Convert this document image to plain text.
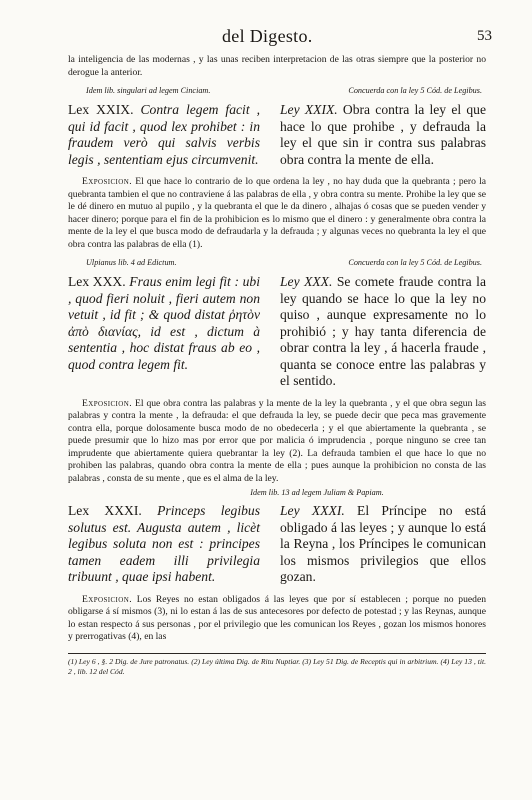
del Digesto.	53

la inteligencia de las modernas , y las unas reciben interpretacion de las otras siempre que la posterior no derogue la anterior.

Idem lib. singulari ad legem Cinciam.	Concuerda con la ley 5 Cód. de Legibus.
Lex XXIX. Contra legem facit , qui id facit , quod lex prohibet : in fraudem verò qui salvis verbis legis , sententiam ejus circumvenit.
Ley XXIX. Obra contra la ley el que hace lo que prohibe , y defrauda la ley el que sin ir contra sus palabras obra contra la mente de ella.

Exposicion. El que hace lo contrario de lo que ordena la ley , no hay duda que la quebranta ; pero la quebranta tambien el que no contraviene á las palabras de ella , y obra contra su mente. Prohibe la ley que se le dé dinero en mutuo al pupilo , y la quebranta el que le da dinero , alhajas ó cosas que se pueden vender y hacer dinero; porque para el fin de la prohibicion es lo mismo que el dinero : y generalmente obra contra la mente de la ley el que busca modo de defraudarla y la defrauda ; y algunas veces no quebranta la ley el que obra contra las palabras de ella (1).

Ulpianus lib. 4 ad Edictum.	Concuerda con la ley 5 Cód. de Legibus.
Lex XXX. Fraus enim legi fit : ubi , quod fieri noluit , fieri autem non vetuit , id fit ; & quod distat ῥητὸν ἀπὸ διανίας, id est , dictum à sententia , hoc distat fraus ab eo , quod contra legem fit.
Ley XXX. Se comete fraude contra la ley quando se hace lo que la ley no quiso , aunque expresamente no lo prohibió ; y hay tanta diferencia de obrar contra la ley , á hacerla fraude , quanta se conoce entre las palabras y el sentido.

Exposicion. El que obra contra las palabras y la mente de la ley la quebranta , y el que obra segun las palabras y contra la mente , la defrauda: el que defrauda la ley, se puede decir que peca mas gravemente contra ella, porque dolosamente busca modo de no obedecerla ; y el que abiertamente la quebranta , se puede presumir que lo hizo mas por error que por malicia ó imprudencia , porque ninguno se cree tan imprudente que abiertamente quiera quebrantar la ley (2). La defrauda tambien el que hace lo que no prohiben las palabras, quando obra contra la mente de ella ; pues aunque la prohibicion no consta de las palabras , consta de su mente , que es el alma de la ley.

Idem lib. 13 ad legem Juliam & Papiam.
Lex XXXI. Princeps legibus solutus est. Augusta autem , licèt legibus soluta non est : principes tamen eadem illi privilegia tribuunt , quae ipsi habent.
Ley XXXI. El Príncipe no está obligado á las leyes ; y aunque lo está la Reyna , los Príncipes le comunican los mismos privilegios que ellos gozan.

Exposicion. Los Reyes no estan obligados á las leyes que por sí establecen ; porque no pueden obligarse á sí mismos (3), ni lo estan á las de sus antecesores por defecto de potestad ; y las Reynas, aunque lo estan respecto á sus personas , por el privilegio que les comunican los Reyes , gozan los mismos honores y prerrogativas (4), en las

(1) Ley 6 , §. 2 Dig. de Jure patronatus. (2) Ley última Dig. de Ritu Nuptiar. (3) Ley 51 Dig. de Receptis qui in arbitrium. (4) Ley 13 , tit. 2 , lib. 12 del Cód.
